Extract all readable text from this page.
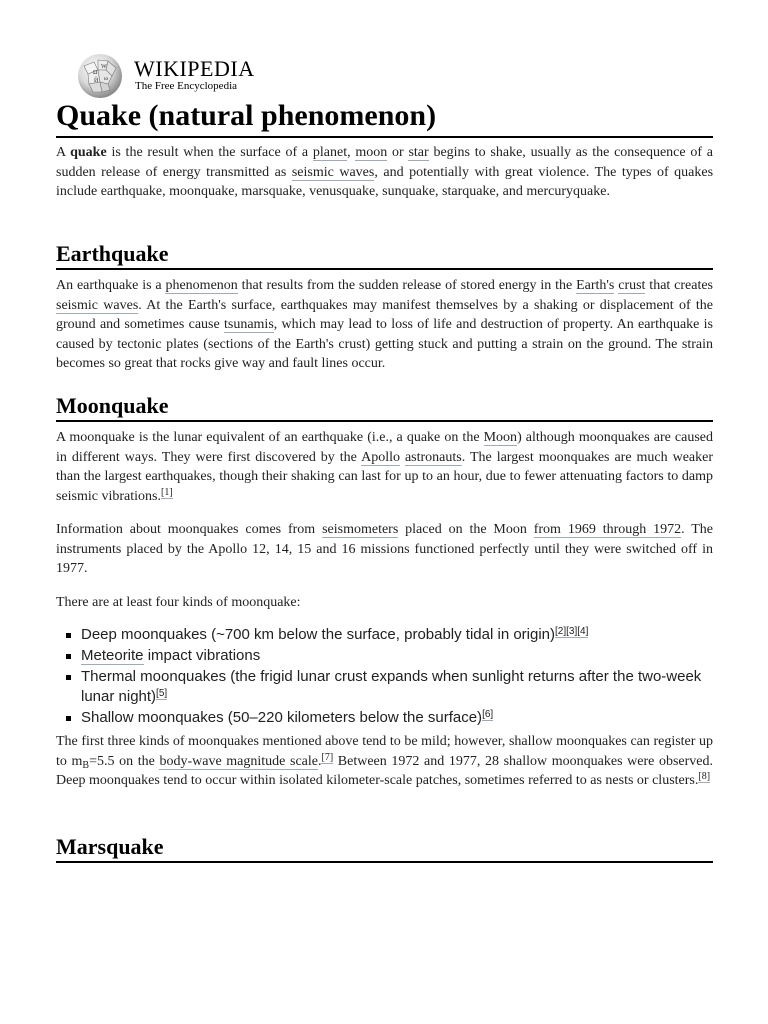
Ω
W
Й ω WIKIPEDIA
The Free Encyclopedia
Quake (natural phenomenon)

A quake is the result when the surface of a planet, moon or star begins to shake, usually as the consequence of a sudden release of energy transmitted as seismic waves, and potentially with great violence. The types of quakes include earthquake, moonquake, marsquake, venusquake, sunquake, starquake, and mercuryquake.

Earthquake

An earthquake is a phenomenon that results from the sudden release of stored energy in the Earth's crust that creates seismic waves. At the Earth's surface, earthquakes may manifest themselves by a shaking or displacement of the ground and sometimes cause tsunamis, which may lead to loss of life and destruction of property. An earthquake is caused by tectonic plates (sections of the Earth's crust) getting stuck and putting a strain on the ground. The strain becomes so great that rocks give way and fault lines occur.

Moonquake

A moonquake is the lunar equivalent of an earthquake (i.e., a quake on the Moon) although moonquakes are caused in different ways. They were first discovered by the Apollo astronauts. The largest moonquakes are much weaker than the largest earthquakes, though their shaking can last for up to an hour, due to fewer attenuating factors to damp seismic vibrations.[1]

Information about moonquakes comes from seismometers placed on the Moon from 1969 through 1972. The instruments placed by the Apollo 12, 14, 15 and 16 missions functioned perfectly until they were switched off in 1977.

There are at least four kinds of moonquake:

Deep moonquakes (~700 km below the surface, probably tidal in origin)[2][3][4]
Meteorite impact vibrations
Thermal moonquakes (the frigid lunar crust expands when sunlight returns after the two-week lunar night)[5]
Shallow moonquakes (50–220 kilometers below the surface)[6]

The first three kinds of moonquakes mentioned above tend to be mild; however, shallow moonquakes can register up to $m_B=5.5$ on the body-wave magnitude scale.[7] Between 1972 and 1977, 28 shallow moonquakes were observed. Deep moonquakes tend to occur within isolated kilometer-scale patches, sometimes referred to as nests or clusters.[8]

Marsquake
